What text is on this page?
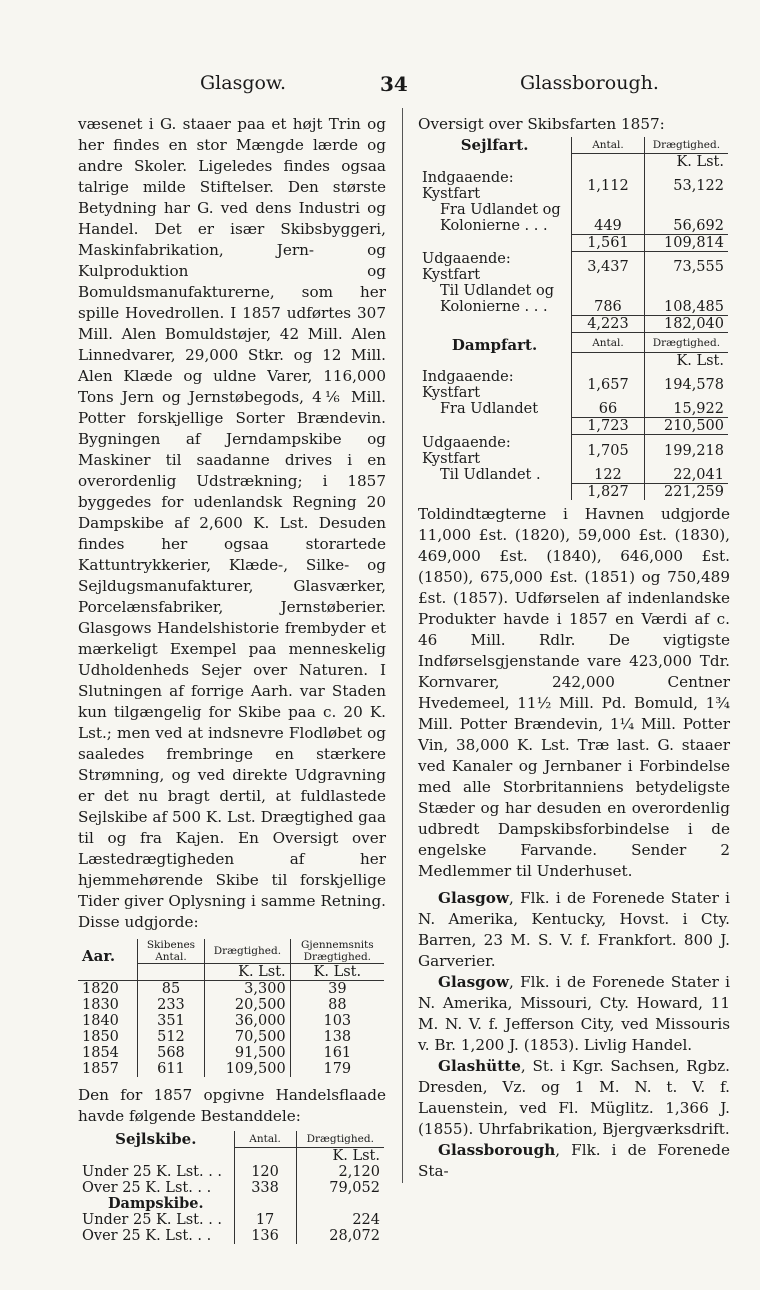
Glasgow.	34	Glassborough.

væsenet i G. staaer paa et højt Trin og her findes en stor Mængde lærde og andre Skoler. Ligeledes findes ogsaa talrige milde Stiftelser. Den største Betydning har G. ved dens Industri og Handel. Det er især Skibsbyggeri, Maskinfabrikation, Jern- og Kulproduktion og Bomuldsmanufakturerne, som her spille Hovedrollen. I 1857 udførtes 307 Mill. Alen Bomuldstøjer, 42 Mill. Alen Linnedvarer, 29,000 Stkr. og 12 Mill. Alen Klæde og uldne Varer, 116,000 Tons Jern og Jernstøbegods, 4⅙ Mill. Potter forskjellige Sorter Brændevin. Bygningen af Jerndampskibe og Maskiner til saadanne drives i en overordenlig Udstrækning; i 1857 byggedes for udenlandsk Regning 20 Dampskibe af 2,600 K. Lst. Desuden findes her ogsaa storartede Kattuntrykkerier, Klæde-, Silke- og Sejldugsmanufakturer, Glasværker, Porcelænsfabriker, Jernstøberier. Glasgows Handelshistorie frembyder et mærkeligt Exempel paa menneskelig Udholdenheds Sejer over Naturen. I Slutningen af forrige Aarh. var Staden kun tilgængelig for Skibe paa c. 20 K. Lst.; men ved at indsnevre Flodløbet og saaledes frembringe en stærkere Strømning, og ved direkte Udgravning er det nu bragt dertil, at fuldlastede Sejlskibe af 500 K. Lst. Drægtighed gaa til og fra Kajen. En Oversigt over Læstedrægtigheden af her hjemmehørende Skibe til forskjellige Tider giver Oplysning i samme Retning. Disse udgjorde:

Aar.	Skibenes Antal.	Drægtighed.	Gjennemsnits Drægtighed.
		K. Lst.	K. Lst.
1820	85	3,300	39
1830	233	20,500	88
1840	351	36,000	103
1850	512	70,500	138
1854	568	91,500	161
1857	611	109,500	179

Den for 1857 opgivne Handelsflaade havde følgende Bestanddele:

Sejlskibe.	Antal.	Drægtighed.
		K. Lst.
Under 25 K. Lst. . .	120	2,120
Over 25 K. Lst. . .	338	79,052
Dampskibe.		
Under 25 K. Lst. . .	17	224
Over 25 K. Lst. . .	136	28,072
Oversigt over Skibsfarten 1857:
Sejlfart.	Antal.	Drægtighed.
		K. Lst.
Indgaaende: Kystfart	1,112	53,122
Fra Udlandet og		
Kolonierne . . .	449	56,692
	1,561	109,814
Udgaaende: Kystfart	3,437	73,555
Til Udlandet og		
Kolonierne . . .	786	108,485
	4,223	182,040
Dampfart.	Antal.	Drægtighed.
		K. Lst.
Indgaaende: Kystfart	1,657	194,578
Fra Udlandet	66	15,922
	1,723	210,500
Udgaaende: Kystfart	1,705	199,218
Til Udlandet .	122	22,041
	1,827	221,259

Toldindtægterne i Havnen udgjorde 11,000 £st. (1820), 59,000 £st. (1830), 469,000 £st. (1840), 646,000 £st. (1850), 675,000 £st. (1851) og 750,489 £st. (1857). Udførselen af indenlandske Produkter havde i 1857 en Værdi af c. 46 Mill. Rdlr. De vigtigste Indførselsgjenstande vare 423,000 Tdr. Kornvarer, 242,000 Centner Hvedemeel, 11½ Mill. Pd. Bomuld, 1¾ Mill. Potter Brændevin, 1¼ Mill. Potter Vin, 38,000 K. Lst. Træ last. G. staaer ved Kanaler og Jernbaner i Forbindelse med alle Storbritanniens betydeligste Stæder og har desuden en overordenlig udbredt Dampskibsforbindelse i de engelske Farvande. Sender 2 Medlemmer til Underhuset.

Glasgow, Flk. i de Forenede Stater i N. Amerika, Kentucky, Hovst. i Cty. Barren, 23 M. S. V. f. Frankfort. 800 J. Garverier.

Glasgow, Flk. i de Forenede Stater i N. Amerika, Missouri, Cty. Howard, 11 M. N. V. f. Jefferson City, ved Missouris v. Br. 1,200 J. (1853). Livlig Handel.

Glashütte, St. i Kgr. Sachsen, Rgbz. Dresden, Vz. og 1 M. N. t. V. f. Lauenstein, ved Fl. Müglitz. 1,366 J. (1855). Uhrfabrikation, Bjergværksdrift.

Glassborough, Flk. i de Forenede Sta-
